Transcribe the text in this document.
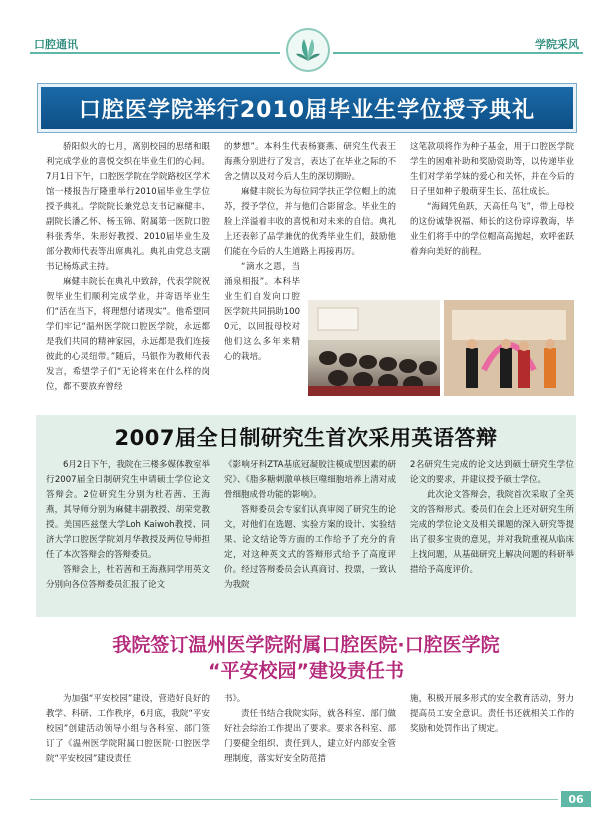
口腔通讯	学院采风
口腔医学院举行2010届毕业生学位授予典礼

骄阳似火的七月，离别校园的思绪和眼利完成学业的喜悦交织在毕业生们的心间。7月1日下午，口腔医学院在学院路校区学术馆一楼报告厅隆重举行2010届毕业生学位授予典礼。学院院长兼党总支书记麻健丰、副院长潘乙怀、杨玉锦、附属第一医院口腔科张秀华、朱形好教授、2010届毕业生及部分教师代表等出席典礼。典礼由党总支副书记杨炼武主持。

麻健丰院长在典礼中致辞，代表学院祝贺毕业生们顺利完成学业，并寄语毕业生们“活在当下，将理想付诸现实”。他希望同学们牢记“温州医学院口腔医学院，永远都是我们共同的精神家园，永远都是我们连接彼此的心灵纽带。”随后，马银作为教师代表发言，希望学子们“无论将来在什么样的岗位，都不要放弃曾经

的梦想”。本科生代表杨赛燕、研究生代表王海燕分别进行了发言，表达了在毕业之际的不舍之情以及对今后人生的深切期盼。

麻健丰院长为每位同学扶正学位帽上的流苏，授予学位，并与他们合影留念。毕业生的脸上洋溢着丰收的喜悦和对未来的自信。典礼上还表彰了品学兼优的优秀毕业生们，鼓励他们能在今后的人生道路上再接再厉。

“滴水之恩，当涌泉相报”。本科毕业生们自发向口腔医学院共同捐助1000元，以回报母校对他们这么多年来精心的栽培。

这笔款项将作为种子基金，用于口腔医学院学生的困难补助和奖励资助等，以传递毕业生们对学弟学妹的爱心和关怀，并在今后的日子里如种子般萌芽生长、茁壮成长。

“海阔凭鱼跃，天高任鸟飞”，带上母校的这份诚挚祝福、师长的这份谆谆教诲，毕业生们将手中的学位帽高高抛起，欢呼雀跃着奔向美好的前程。

2007届全日制研究生首次采用英语答辩

6月2日下午，我院在三楼多媒体教室举行2007届全日制研究生申请硕士学位论文答辩会。2位研究生分别为杜若茜、王海燕，其导师分别为麻健丰副教授、胡荣党教授。美国匹兹堡大学Loh Kaiwoh教授、同济大学口腔医学院刘月华教授及两位导师担任了本次答辩会的答辩委员。

答辩会上，杜若茜和王海燕同学用英文分别向各位答辩委员汇报了论文

《影响牙科ZTA基底冠凝胶注模成型因素的研究》、《脂多糖刺激单核巨噬细胞培养上清对成骨细胞成骨功能的影响》。

答辩委员会专家们认真审阅了研究生的论文，对他们在选题、实验方案的设计、实验结果、论文结论等方面的工作给予了充分的肯定，对这种英文式的答辩形式给予了高度评价。经过答辩委员会认真商讨、投票，一致认为我院

2名研究生完成的论文达到硕士研究生学位论文的要求，并建议授予硕士学位。

此次论文答辩会，我院首次采取了全英文的答辩形式。委员们在会上还对研究生所完成的学位论文及相关课题的深入研究等提出了很多宝贵的意见，并对我院重视从临床上找问题，从基础研究上解决问题的科研举措给予高度评价。

我院签订温州医学院附属口腔医院·口腔医学院
“平安校园”建设责任书

为加强“平安校园”建设，营造好良好的教学、科研、工作秩序，6月底，我院“平安校园”创建活动领导小组与各科室、部门签订了《温州医学院附属口腔医院·口腔医学院“平安校园”建设责任

书》。

责任书结合我院实际，就各科室、部门做好社会综治工作提出了要求。要求各科室、部门要健全组织、责任到人，建立好内部安全管理制度，落实好安全防范措

施，积极开展多形式的安全教育活动，努力提高员工安全意识。责任书还就相关工作的奖励和处罚作出了规定。

06
